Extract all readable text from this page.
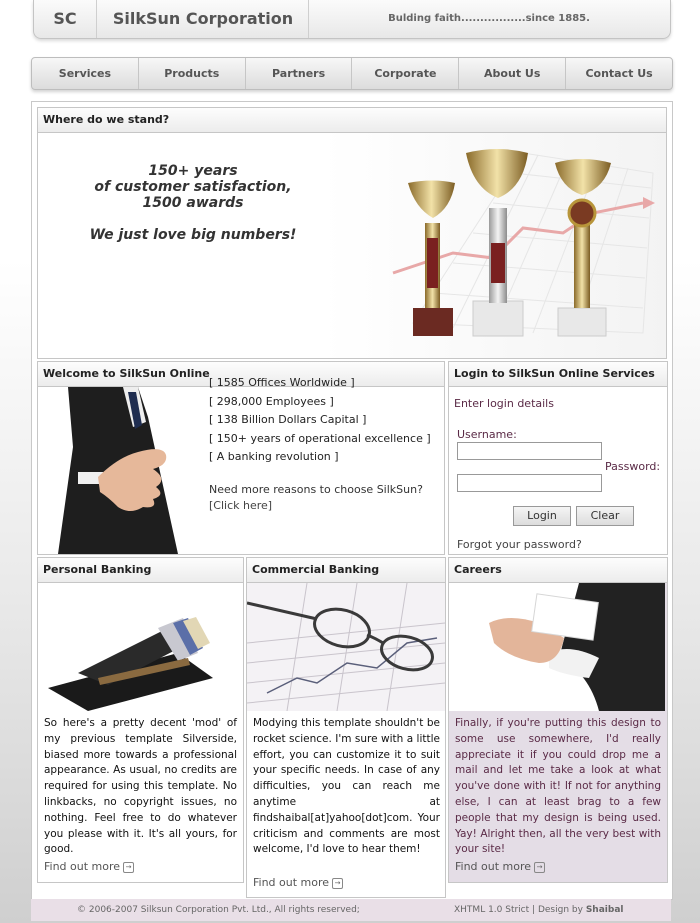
SC	SilkSun Corporation	Bulding faith.................since 1885.
Services	Products	Partners	Corporate	About Us	Contact Us
Where do we stand?
150+ years
of customer satisfaction,
1500 awards
We just love big numbers!
Welcome to SilkSun Online
[ 1585 Offices Worldwide ]
[ 298,000 Employees ]
[ 138 Billion Dollars Capital ]
[ 150+ years of operational excellence ]
[ A banking revolution ]
Need more reasons to choose SilkSun?
[Click here]
Login to SilkSun Online Services
Enter login details
Username:
Password:
Login	Clear
Forgot your password?
Personal Banking
So here's a pretty decent 'mod' of my previous template Silverside, biased more towards a professional appearance. As usual, no credits are required for using this template. No linkbacks, no copyright issues, no nothing. Feel free to do whatever you please with it. It's all yours, for good.
Find out more →
Commercial Banking
Modying this template shouldn't be rocket science. I'm sure with a little effort, you can customize it to suit your specific needs. In case of any difficulties, you can reach me anytime at findshaibal[at]yahoo[dot]com. Your criticism and comments are most welcome, I'd love to hear them!
Find out more →
Careers
Finally, if you're putting this design to some use somewhere, I'd really appreciate it if you could drop me a mail and let me take a look at what you've done with it! If not for anything else, I can at least brag to a few people that my design is being used. Yay! Alright then, all the very best with your site!
Find out more →
© 2006-2007 Silksun Corporation Pvt. Ltd., All rights reserved;	XHTML 1.0 Strict | Design by Shaibal
